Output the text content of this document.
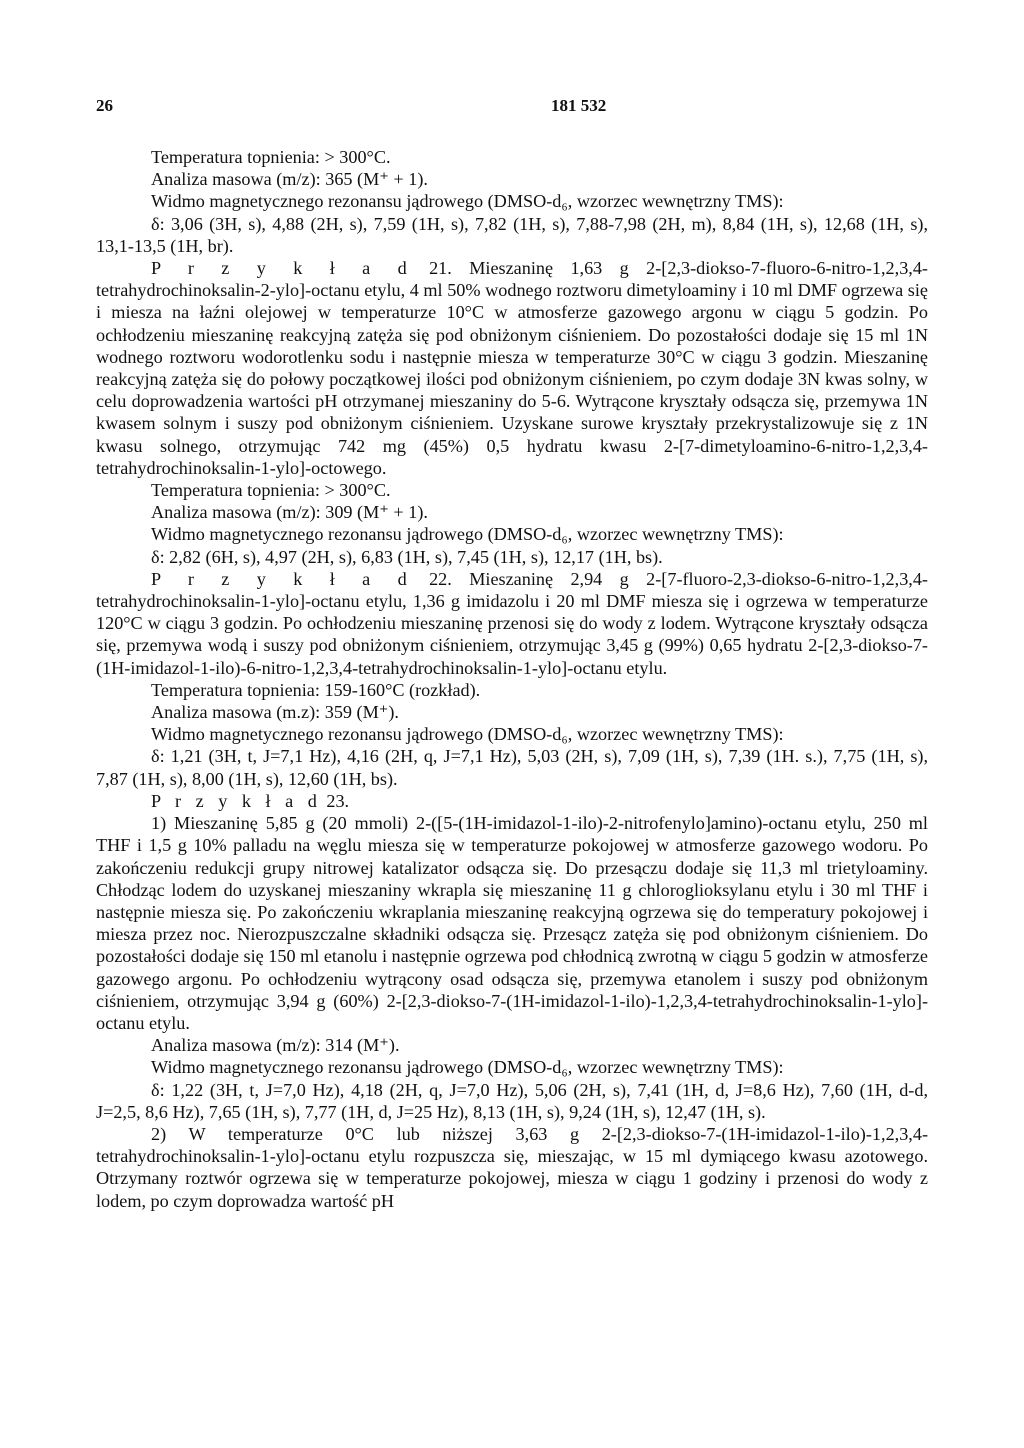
26	181 532

Temperatura topnienia: > 300°C.

Analiza masowa (m/z): 365 (M⁺ + 1).

Widmo magnetycznego rezonansu jądrowego (DMSO-d₆, wzorzec wewnętrzny TMS):

δ: 3,06 (3H, s), 4,88 (2H, s), 7,59 (1H, s), 7,82 (1H, s), 7,88-7,98 (2H, m), 8,84 (1H, s), 12,68 (1H, s), 13,1-13,5 (1H, br).

P r z y k ł a d 21. Mieszaninę 1,63 g 2-[2,3-diokso-7-fluoro-6-nitro-1,2,3,4-tetrahydrochinoksalin-2-ylo]-octanu etylu, 4 ml 50% wodnego roztworu dimetyloaminy i 10 ml DMF ogrzewa się i miesza na łaźni olejowej w temperaturze 10°C w atmosferze gazowego argonu w ciągu 5 godzin. Po ochłodzeniu mieszaninę reakcyjną zatęża się pod obniżonym ciśnieniem. Do pozostałości dodaje się 15 ml 1N wodnego roztworu wodorotlenku sodu i następnie miesza w temperaturze 30°C w ciągu 3 godzin. Mieszaninę reakcyjną zatęża się do połowy początkowej ilości pod obniżonym ciśnieniem, po czym dodaje 3N kwas solny, w celu doprowadzenia wartości pH otrzymanej mieszaniny do 5-6. Wytrącone kryształy odsącza się, przemywa 1N kwasem solnym i suszy pod obniżonym ciśnieniem. Uzyskane surowe kryształy przekrystalizowuje się z 1N kwasu solnego, otrzymując 742 mg (45%) 0,5 hydratu kwasu 2-[7-dimetyloamino-6-nitro-1,2,3,4-tetrahydrochinoksalin-1-ylo]-octowego.

Temperatura topnienia: > 300°C.

Analiza masowa (m/z): 309 (M⁺ + 1).

Widmo magnetycznego rezonansu jądrowego (DMSO-d₆, wzorzec wewnętrzny TMS):

δ: 2,82 (6H, s), 4,97 (2H, s), 6,83 (1H, s), 7,45 (1H, s), 12,17 (1H, bs).

P r z y k ł a d 22. Mieszaninę 2,94 g 2-[7-fluoro-2,3-diokso-6-nitro-1,2,3,4-tetrahydrochinoksalin-1-ylo]-octanu etylu, 1,36 g imidazolu i 20 ml DMF miesza się i ogrzewa w temperaturze 120°C w ciągu 3 godzin. Po ochłodzeniu mieszaninę przenosi się do wody z lodem. Wytrącone kryształy odsącza się, przemywa wodą i suszy pod obniżonym ciśnieniem, otrzymując 3,45 g (99%) 0,65 hydratu 2-[2,3-diokso-7-(1H-imidazol-1-ilo)-6-nitro-1,2,3,4-tetrahydrochinoksalin-1-ylo]-octanu etylu.

Temperatura topnienia: 159-160°C (rozkład).

Analiza masowa (m.z): 359 (M⁺).

Widmo magnetycznego rezonansu jądrowego (DMSO-d₆, wzorzec wewnętrzny TMS):

δ: 1,21 (3H, t, J=7,1 Hz), 4,16 (2H, q, J=7,1 Hz), 5,03 (2H, s), 7,09 (1H, s), 7,39 (1H. s.), 7,75 (1H, s), 7,87 (1H, s), 8,00 (1H, s), 12,60 (1H, bs).

P r z y k ł a d 23.

1) Mieszaninę 5,85 g (20 mmoli) 2-([5-(1H-imidazol-1-ilo)-2-nitrofenylo]amino)-octanu etylu, 250 ml THF i 1,5 g 10% palladu na węglu miesza się w temperaturze pokojowej w atmosferze gazowego wodoru. Po zakończeniu redukcji grupy nitrowej katalizator odsącza się. Do przesączu dodaje się 11,3 ml trietyloaminy. Chłodząc lodem do uzyskanej mieszaniny wkrapla się mieszaninę 11 g chloroglioksylanu etylu i 30 ml THF i następnie miesza się. Po zakończeniu wkraplania mieszaninę reakcyjną ogrzewa się do temperatury pokojowej i miesza przez noc. Nierozpuszczalne składniki odsącza się. Przesącz zatęża się pod obniżonym ciśnieniem. Do pozostałości dodaje się 150 ml etanolu i następnie ogrzewa pod chłodnicą zwrotną w ciągu 5 godzin w atmosferze gazowego argonu. Po ochłodzeniu wytrącony osad odsącza się, przemywa etanolem i suszy pod obniżonym ciśnieniem, otrzymując 3,94 g (60%) 2-[2,3-diokso-7-(1H-imidazol-1-ilo)-1,2,3,4-tetrahydrochinoksalin-1-ylo]-octanu etylu.

Analiza masowa (m/z): 314 (M⁺).

Widmo magnetycznego rezonansu jądrowego (DMSO-d₆, wzorzec wewnętrzny TMS):

δ: 1,22 (3H, t, J=7,0 Hz), 4,18 (2H, q, J=7,0 Hz), 5,06 (2H, s), 7,41 (1H, d, J=8,6 Hz), 7,60 (1H, d-d, J=2,5, 8,6 Hz), 7,65 (1H, s), 7,77 (1H, d, J=25 Hz), 8,13 (1H, s), 9,24 (1H, s), 12,47 (1H, s).

2) W temperaturze 0°C lub niższej 3,63 g 2-[2,3-diokso-7-(1H-imidazol-1-ilo)-1,2,3,4-tetrahydrochinoksalin-1-ylo]-octanu etylu rozpuszcza się, mieszając, w 15 ml dymiącego kwasu azotowego. Otrzymany roztwór ogrzewa się w temperaturze pokojowej, miesza w ciągu 1 godziny i przenosi do wody z lodem, po czym doprowadza wartość pH
